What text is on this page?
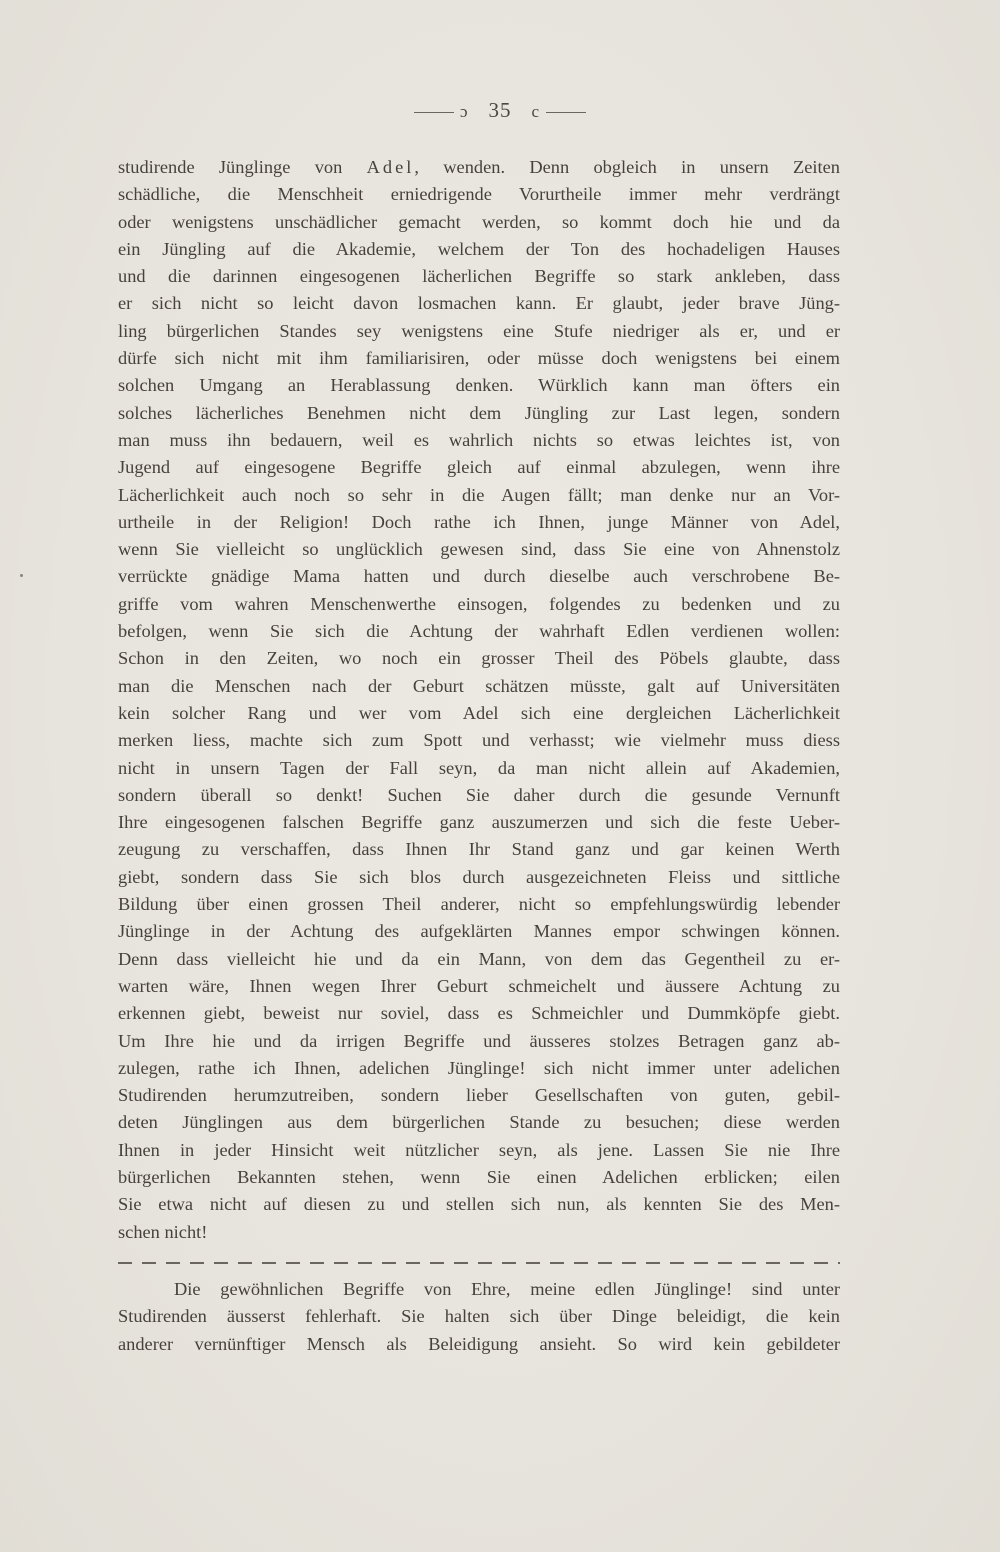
ɔ 35 c
studirende Jünglinge von Adel, wenden. Denn obgleich in unsern Zeiten
schädliche, die Menschheit erniedrigende Vorurtheile immer mehr verdrängt
oder wenigstens unschädlicher gemacht werden, so kommt doch hie und da
ein Jüngling auf die Akademie, welchem der Ton des hochadeligen Hauses
und die darinnen eingesogenen lächerlichen Begriffe so stark ankleben, dass
er sich nicht so leicht davon losmachen kann. Er glaubt, jeder brave Jüng-
ling bürgerlichen Standes sey wenigstens eine Stufe niedriger als er, und er
dürfe sich nicht mit ihm familiarisiren, oder müsse doch wenigstens bei einem
solchen Umgang an Herablassung denken. Würklich kann man öfters ein
solches lächerliches Benehmen nicht dem Jüngling zur Last legen, sondern
man muss ihn bedauern, weil es wahrlich nichts so etwas leichtes ist, von
Jugend auf eingesogene Begriffe gleich auf einmal abzulegen, wenn ihre
Lächerlichkeit auch noch so sehr in die Augen fällt; man denke nur an Vor-
urtheile in der Religion! Doch rathe ich Ihnen, junge Männer von Adel,
wenn Sie vielleicht so unglücklich gewesen sind, dass Sie eine von Ahnenstolz
verrückte gnädige Mama hatten und durch dieselbe auch verschrobene Be-
griffe vom wahren Menschenwerthe einsogen, folgendes zu bedenken und zu
befolgen, wenn Sie sich die Achtung der wahrhaft Edlen verdienen wollen:
Schon in den Zeiten, wo noch ein grosser Theil des Pöbels glaubte, dass
man die Menschen nach der Geburt schätzen müsste, galt auf Universitäten
kein solcher Rang und wer vom Adel sich eine dergleichen Lächerlichkeit
merken liess, machte sich zum Spott und verhasst; wie vielmehr muss diess
nicht in unsern Tagen der Fall seyn, da man nicht allein auf Akademien,
sondern überall so denkt! Suchen Sie daher durch die gesunde Vernunft
Ihre eingesogenen falschen Begriffe ganz auszumerzen und sich die feste Ueber-
zeugung zu verschaffen, dass Ihnen Ihr Stand ganz und gar keinen Werth
giebt, sondern dass Sie sich blos durch ausgezeichneten Fleiss und sittliche
Bildung über einen grossen Theil anderer, nicht so empfehlungswürdig lebender
Jünglinge in der Achtung des aufgeklärten Mannes empor schwingen können.
Denn dass vielleicht hie und da ein Mann, von dem das Gegentheil zu er-
warten wäre, Ihnen wegen Ihrer Geburt schmeichelt und äussere Achtung zu
erkennen giebt, beweist nur soviel, dass es Schmeichler und Dummköpfe giebt.
Um Ihre hie und da irrigen Begriffe und äusseres stolzes Betragen ganz ab-
zulegen, rathe ich Ihnen, adelichen Jünglinge! sich nicht immer unter adelichen
Studirenden herumzutreiben, sondern lieber Gesellschaften von guten, gebil-
deten Jünglingen aus dem bürgerlichen Stande zu besuchen; diese werden
Ihnen in jeder Hinsicht weit nützlicher seyn, als jene. Lassen Sie nie Ihre
bürgerlichen Bekannten stehen, wenn Sie einen Adelichen erblicken; eilen
Sie etwa nicht auf diesen zu und stellen sich nun, als kennten Sie des Men-
schen nicht!
Die gewöhnlichen Begriffe von Ehre, meine edlen Jünglinge! sind unter
Studirenden äusserst fehlerhaft. Sie halten sich über Dinge beleidigt, die kein
anderer vernünftiger Mensch als Beleidigung ansieht. So wird kein gebildeter
